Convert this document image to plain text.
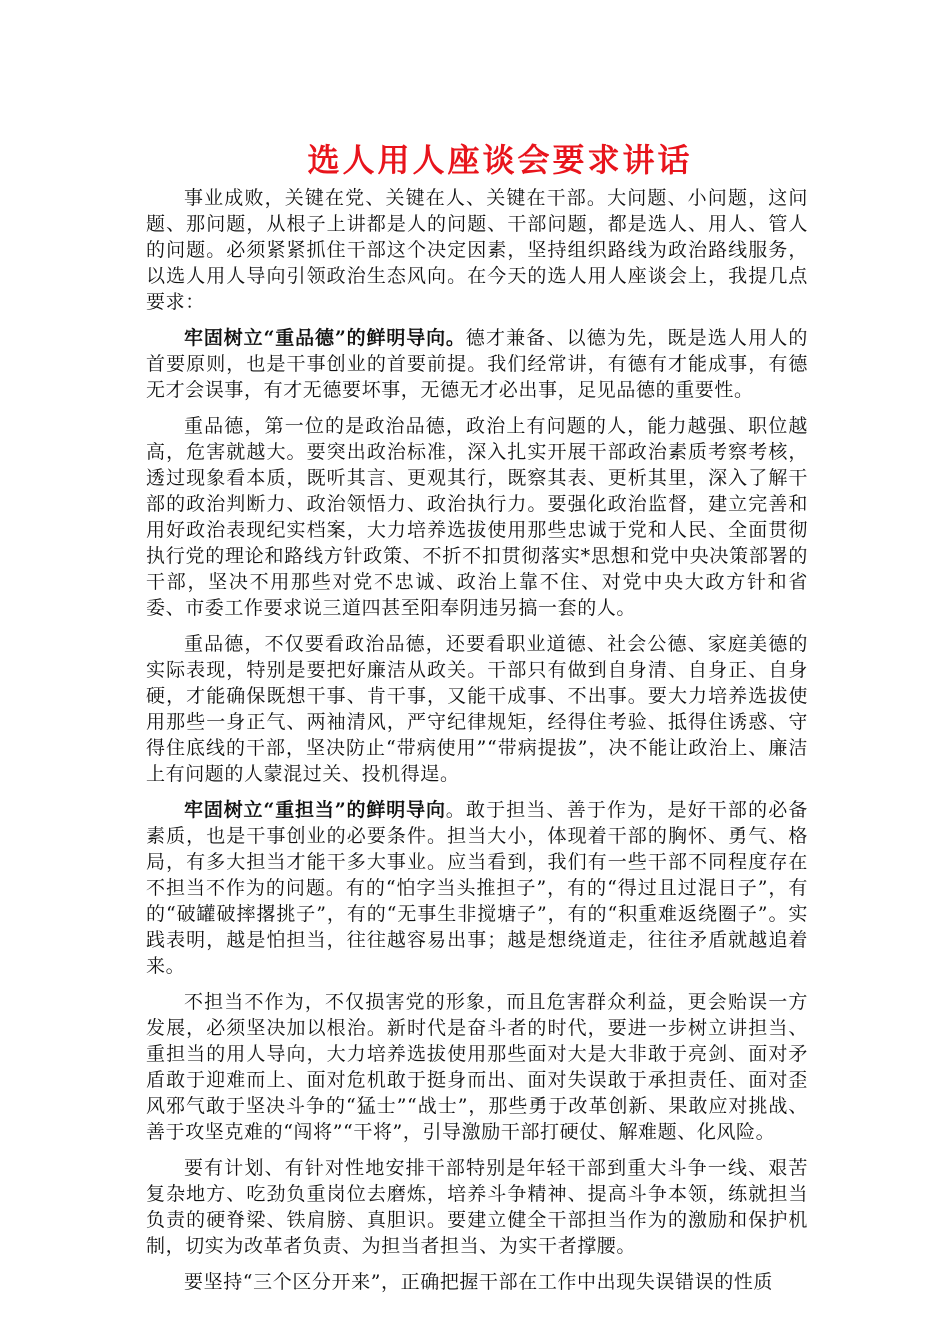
选人用人座谈会要求讲话

事业成败，关键在党、关键在人、关键在干部。大问题、小问题，这问题、那问题，从根子上讲都是人的问题、干部问题，都是选人、用人、管人的问题。必须紧紧抓住干部这个决定因素，坚持组织路线为政治路线服务，以选人用人导向引领政治生态风向。在今天的选人用人座谈会上，我提几点要求：

牢固树立“重品德”的鲜明导向。德才兼备、以德为先，既是选人用人的首要原则，也是干事创业的首要前提。我们经常讲，有德有才能成事，有德无才会误事，有才无德要坏事，无德无才必出事，足见品德的重要性。

重品德，第一位的是政治品德，政治上有问题的人，能力越强、职位越高，危害就越大。要突出政治标准，深入扎实开展干部政治素质考察考核，透过现象看本质，既听其言、更观其行，既察其表、更析其里，深入了解干部的政治判断力、政治领悟力、政治执行力。要强化政治监督，建立完善和用好政治表现纪实档案，大力培养选拔使用那些忠诚于党和人民、全面贯彻执行党的理论和路线方针政策、不折不扣贯彻落实*思想和党中央决策部署的干部，坚决不用那些对党不忠诚、政治上靠不住、对党中央大政方针和省委、市委工作要求说三道四甚至阳奉阴违另搞一套的人。

重品德，不仅要看政治品德，还要看职业道德、社会公德、家庭美德的实际表现，特别是要把好廉洁从政关。干部只有做到自身清、自身正、自身硬，才能确保既想干事、肯干事，又能干成事、不出事。要大力培养选拔使用那些一身正气、两袖清风，严守纪律规矩，经得住考验、抵得住诱惑、守得住底线的干部，坚决防止“带病使用”“带病提拔”，决不能让政治上、廉洁上有问题的人蒙混过关、投机得逞。

牢固树立“重担当”的鲜明导向。敢于担当、善于作为，是好干部的必备素质，也是干事创业的必要条件。担当大小，体现着干部的胸怀、勇气、格局，有多大担当才能干多大事业。应当看到，我们有一些干部不同程度存在不担当不作为的问题。有的“怕字当头推担子”，有的“得过且过混日子”，有的“破罐破摔撂挑子”，有的“无事生非搅塘子”，有的“积重难返绕圈子”。实践表明，越是怕担当，往往越容易出事；越是想绕道走，往往矛盾就越追着来。

不担当不作为，不仅损害党的形象，而且危害群众利益，更会贻误一方发展，必须坚决加以根治。新时代是奋斗者的时代，要进一步树立讲担当、重担当的用人导向，大力培养选拔使用那些面对大是大非敢于亮剑、面对矛盾敢于迎难而上、面对危机敢于挺身而出、面对失误敢于承担责任、面对歪风邪气敢于坚决斗争的“猛士”“战士”，那些勇于改革创新、果敢应对挑战、善于攻坚克难的“闯将”“干将”，引导激励干部打硬仗、解难题、化风险。

要有计划、有针对性地安排干部特别是年轻干部到重大斗争一线、艰苦复杂地方、吃劲负重岗位去磨炼，培养斗争精神、提高斗争本领，练就担当负责的硬脊梁、铁肩膀、真胆识。要建立健全干部担当作为的激励和保护机制，切实为改革者负责、为担当者担当、为实干者撑腰。

要坚持“三个区分开来”，正确把握干部在工作中出现失误错误的性质
